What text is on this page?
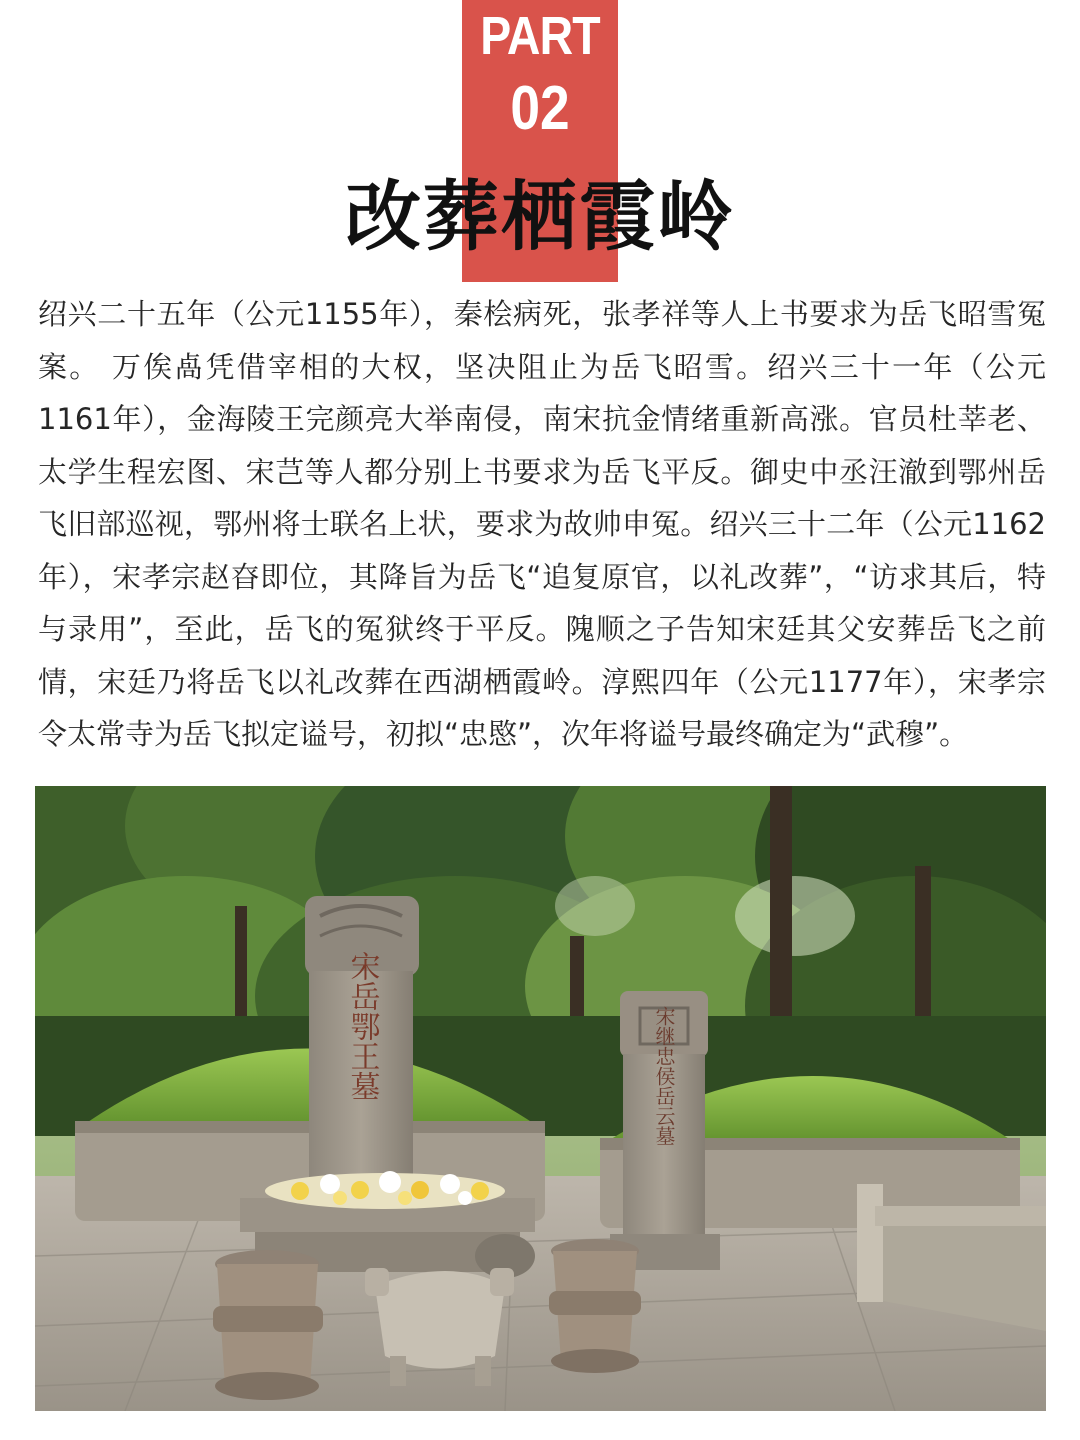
PART
02
改葬栖霞岭

绍兴二十五年（公元1155年），秦桧病死，张孝祥等人上书要求为岳飞昭雪冤案。 万俟卨凭借宰相的大权，坚决阻止为岳飞昭雪。绍兴三十一年（公元1161年），金海陵王完颜亮大举南侵，南宋抗金情绪重新高涨。官员杜莘老、太学生程宏图、宋芑等人都分别上书要求为岳飞平反。御史中丞汪澈到鄂州岳飞旧部巡视，鄂州将士联名上状，要求为故帅申冤。绍兴三十二年（公元1162年），宋孝宗赵昚即位，其降旨为岳飞“追复原官，以礼改葬”，“访求其后，特与录用”，至此，岳飞的冤狱终于平反。隗顺之子告知宋廷其父安葬岳飞之前情，宋廷乃将岳飞以礼改葬在西湖栖霞岭。淳熙四年（公元1177年），宋孝宗令太常寺为岳飞拟定谥号，初拟“忠愍”，次年将谥号最终确定为“武穆”。

宋岳鄂王墓	宋继忠侯岳云墓
